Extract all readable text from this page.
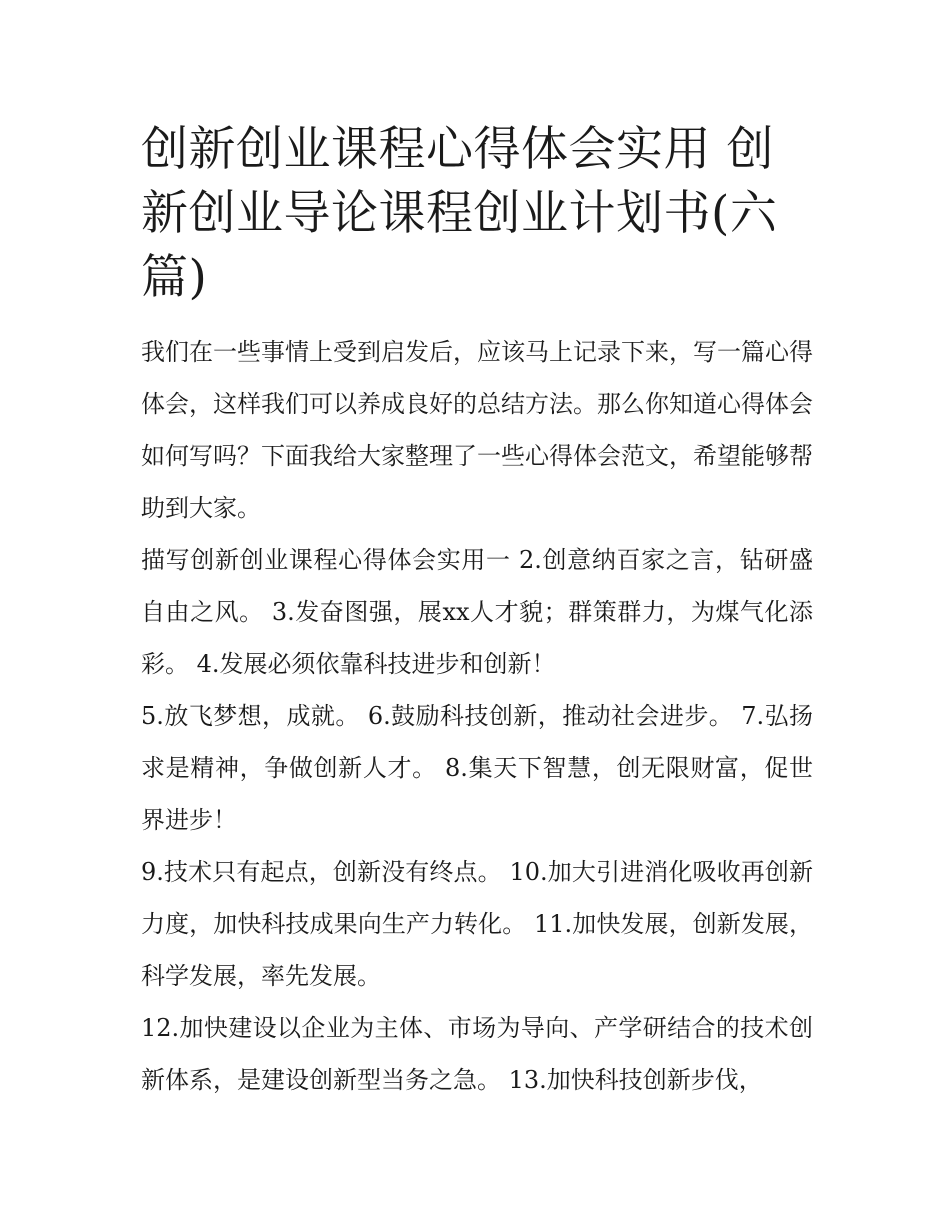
创新创业课程心得体会实用 创新创业导论课程创业计划书(六篇)

我们在一些事情上受到启发后，应该马上记录下来，写一篇心得体会，这样我们可以养成良好的总结方法。那么你知道心得体会如何写吗？下面我给大家整理了一些心得体会范文，希望能够帮助到大家。

描写创新创业课程心得体会实用一 2.创意纳百家之言，钻研盛自由之风。 3.发奋图强，展xx人才貌；群策群力，为煤气化添彩。 4.发展必须依靠科技进步和创新！

5.放飞梦想，成就。 6.鼓励科技创新，推动社会进步。 7.弘扬求是精神，争做创新人才。 8.集天下智慧，创无限财富，促世界进步！

9.技术只有起点，创新没有终点。 10.加大引进消化吸收再创新力度，加快科技成果向生产力转化。 11.加快发展，创新发展，科学发展，率先发展。

12.加快建设以企业为主体、市场为导向、产学研结合的技术创新体系，是建设创新型当务之急。 13.加快科技创新步伐，
